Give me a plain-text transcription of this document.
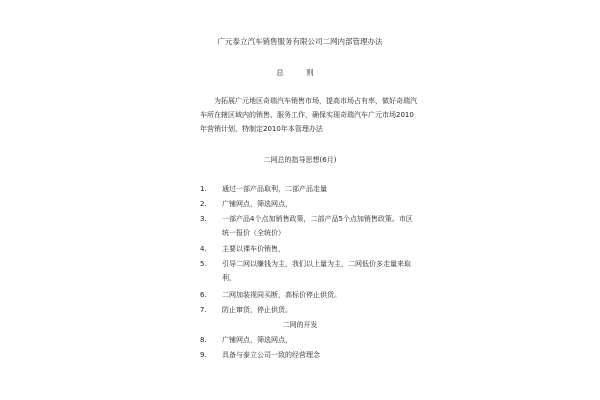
广元泰立汽车销售服务有限公司二网内部管理办法
总 则
为拓展广元地区奇瑞汽车销售市场，提高市场占有率，做好奇瑞汽车所在辖区域内的销售、服务工作，确保实现奇瑞汽车广元市场2010年营销计划，特制定2010年本管理办法
二网总的指导思想(6月)
1.	通过一部产品取利，二部产品走量
2.	广铺网点，筛选网点，
3.	一部产品4个点加销售政策，二部产品5个点加销售政策。市区统一报价（全统价）
4.	主要以裸车价销售，
5.	引导二网以赚钱为主，我们以上量为主，二网低价多走量来取利，
6.	二网加装视同买断，高标价停止供货。
7.	防止窜货，停止供货。
二网的开发
8.	广铺网点，筛选网点，
9.	具备与泰立公司一致的经营理念
